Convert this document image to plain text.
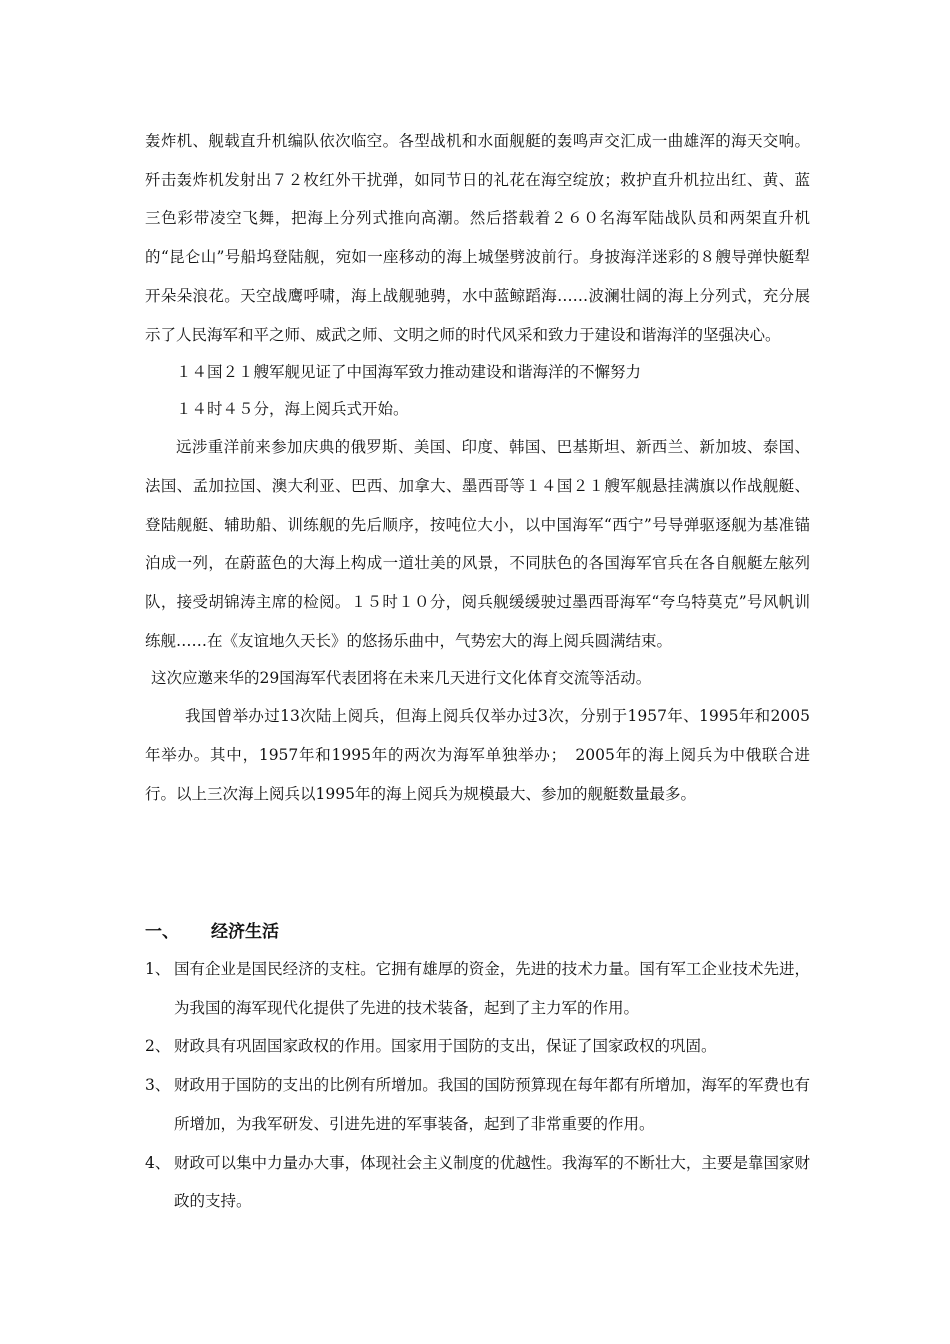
轰炸机、舰载直升机编队依次临空。各型战机和水面舰艇的轰鸣声交汇成一曲雄浑的海天交响。歼击轰炸机发射出７２枚红外干扰弹，如同节日的礼花在海空绽放；救护直升机拉出红、黄、蓝三色彩带凌空飞舞，把海上分列式推向高潮。然后搭载着２６０名海军陆战队员和两架直升机的“昆仑山”号船坞登陆舰，宛如一座移动的海上城堡劈波前行。身披海洋迷彩的８艘导弹快艇犁开朵朵浪花。天空战鹰呼啸，海上战舰驰骋，水中蓝鲸蹈海……波澜壮阔的海上分列式，充分展示了人民海军和平之师、威武之师、文明之师的时代风采和致力于建设和谐海洋的坚强决心。

１４国２１艘军舰见证了中国海军致力推动建设和谐海洋的不懈努力

１４时４５分，海上阅兵式开始。

远涉重洋前来参加庆典的俄罗斯、美国、印度、韩国、巴基斯坦、新西兰、新加坡、泰国、法国、孟加拉国、澳大利亚、巴西、加拿大、墨西哥等１４国２１艘军舰悬挂满旗以作战舰艇、登陆舰艇、辅助船、训练舰的先后顺序，按吨位大小，以中国海军“西宁”号导弹驱逐舰为基准锚泊成一列，在蔚蓝色的大海上构成一道壮美的风景，不同肤色的各国海军官兵在各自舰艇左舷列队，接受胡锦涛主席的检阅。１５时１０分，阅兵舰缓缓驶过墨西哥海军“夸乌特莫克”号风帆训练舰……在《友谊地久天长》的悠扬乐曲中，气势宏大的海上阅兵圆满结束。

这次应邀来华的29国海军代表团将在未来几天进行文化体育交流等活动。

我国曾举办过13次陆上阅兵，但海上阅兵仅举办过3次，分别于1957年、1995年和2005年举办。其中，1957年和1995年的两次为海军单独举办；　2005年的海上阅兵为中俄联合进行。以上三次海上阅兵以1995年的海上阅兵为规模最大、参加的舰艇数量最多。

一、 经济生活
1、 国有企业是国民经济的支柱。它拥有雄厚的资金，先进的技术力量。国有军工企业技术先进，为我国的海军现代化提供了先进的技术装备，起到了主力军的作用。
2、 财政具有巩固国家政权的作用。国家用于国防的支出，保证了国家政权的巩固。
3、 财政用于国防的支出的比例有所增加。我国的国防预算现在每年都有所增加，海军的军费也有所增加，为我军研发、引进先进的军事装备，起到了非常重要的作用。
4、 财政可以集中力量办大事，体现社会主义制度的优越性。我海军的不断壮大，主要是靠国家财政的支持。
